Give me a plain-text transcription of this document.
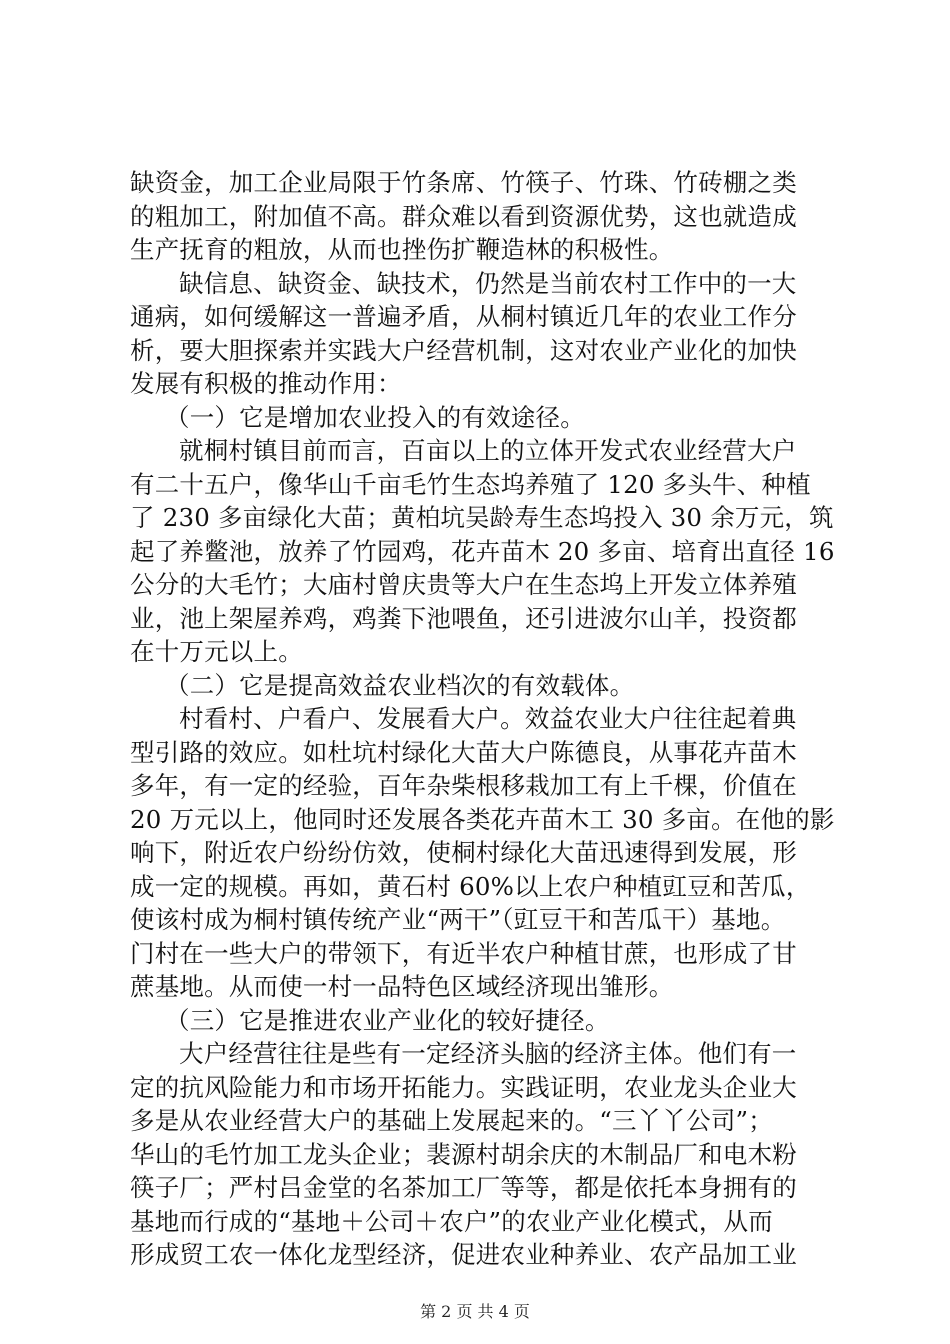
缺资金，加工企业局限于竹条席、竹筷子、竹珠、竹砖棚之类
的粗加工，附加值不高。群众难以看到资源优势，这也就造成
生产抚育的粗放，从而也挫伤扩鞭造林的积极性。
缺信息、缺资金、缺技术，仍然是当前农村工作中的一大
通病，如何缓解这一普遍矛盾，从桐村镇近几年的农业工作分
析，要大胆探索并实践大户经营机制，这对农业产业化的加快
发展有积极的推动作用：
（一）它是增加农业投入的有效途径。
就桐村镇目前而言，百亩以上的立体开发式农业经营大户
有二十五户，像华山千亩毛竹生态坞养殖了 120 多头牛、种植
了 230 多亩绿化大苗；黄柏坑吴龄寿生态坞投入 30 余万元，筑
起了养鳖池，放养了竹园鸡，花卉苗木 20 多亩、培育出直径 16
公分的大毛竹；大庙村曾庆贵等大户在生态坞上开发立体养殖
业，池上架屋养鸡，鸡粪下池喂鱼，还引进波尔山羊，投资都
在十万元以上。
（二）它是提高效益农业档次的有效载体。
村看村、户看户、发展看大户。效益农业大户往往起着典
型引路的效应。如杜坑村绿化大苗大户陈德良，从事花卉苗木
多年，有一定的经验，百年杂柴根移栽加工有上千棵，价值在
20 万元以上，他同时还发展各类花卉苗木工 30 多亩。在他的影
响下，附近农户纷纷仿效，使桐村绿化大苗迅速得到发展，形
成一定的规模。再如，黄石村 60%以上农户种植豇豆和苦瓜，
使该村成为桐村镇传统产业“两干”（豇豆干和苦瓜干）基地。
门村在一些大户的带领下，有近半农户种植甘蔗，也形成了甘
蔗基地。从而使一村一品特色区域经济现出雏形。
（三）它是推进农业产业化的较好捷径。
大户经营往往是些有一定经济头脑的经济主体。他们有一
定的抗风险能力和市场开拓能力。实践证明，农业龙头企业大
多是从农业经营大户的基础上发展起来的。“三丫丫公司”；
华山的毛竹加工龙头企业；裴源村胡余庆的木制品厂和电木粉
筷子厂；严村吕金堂的名茶加工厂等等，都是依托本身拥有的
基地而行成的“基地＋公司＋农户”的农业产业化模式，从而
形成贸工农一体化龙型经济，促进农业种养业、农产品加工业
第 2 页 共 4 页
